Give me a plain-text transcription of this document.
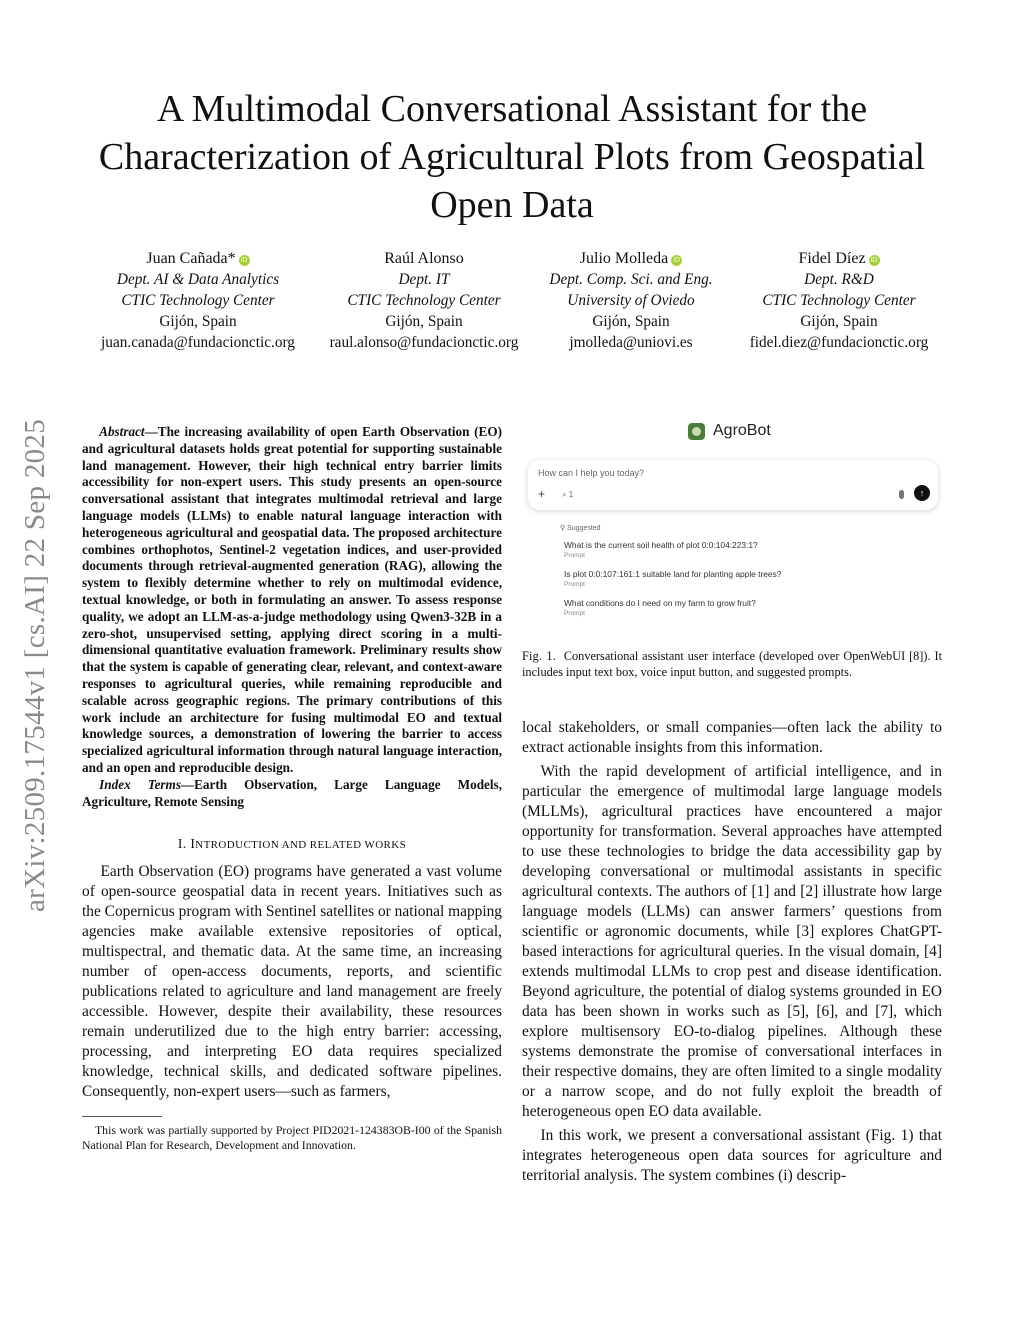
arXiv:2509.17544v1 [cs.AI] 22 Sep 2025
A Multimodal Conversational Assistant for the Characterization of Agricultural Plots from Geospatial Open Data
Juan Cañada* iD
Dept. AI & Data Analytics
CTIC Technology Center
Gijón, Spain
juan.canada@fundacionctic.org
Raúl Alonso
Dept. IT
CTIC Technology Center
Gijón, Spain
raul.alonso@fundacionctic.org
Julio Molleda iD
Dept. Comp. Sci. and Eng.
University of Oviedo
Gijón, Spain
jmolleda@uniovi.es
Fidel Díez iD
Dept. R&D
CTIC Technology Center
Gijón, Spain
fidel.diez@fundacionctic.org

Abstract—The increasing availability of open Earth Observation (EO) and agricultural datasets holds great potential for supporting sustainable land management. However, their high technical entry barrier limits accessibility for non-expert users. This study presents an open-source conversational assistant that integrates multimodal retrieval and large language models (LLMs) to enable natural language interaction with heterogeneous agricultural and geospatial data. The proposed architecture combines orthophotos, Sentinel-2 vegetation indices, and user-provided documents through retrieval-augmented generation (RAG), allowing the system to flexibly determine whether to rely on multimodal evidence, textual knowledge, or both in formulating an answer. To assess response quality, we adopt an LLM-as-a-judge methodology using Qwen3-32B in a zero-shot, unsupervised setting, applying direct scoring in a multi-dimensional quantitative evaluation framework. Preliminary results show that the system is capable of generating clear, relevant, and context-aware responses to agricultural queries, while remaining reproducible and scalable across geographic regions. The primary contributions of this work include an architecture for fusing multimodal EO and textual knowledge sources, a demonstration of lowering the barrier to access specialized agricultural information through natural language interaction, and an open and reproducible design.

Index Terms—Earth Observation, Large Language Models, Agriculture, Remote Sensing

I. INTRODUCTION AND RELATED WORKS

Earth Observation (EO) programs have generated a vast volume of open-source geospatial data in recent years. Initiatives such as the Copernicus program with Sentinel satellites or national mapping agencies make available extensive repositories of optical, multispectral, and thematic data. At the same time, an increasing number of open-access documents, reports, and scientific publications related to agriculture and land management are freely accessible. However, despite their availability, these resources remain underutilized due to the high entry barrier: accessing, processing, and interpreting EO data requires specialized knowledge, technical skills, and dedicated software pipelines. Consequently, non-expert users—such as farmers,

This work was partially supported by Project PID2021-124383OB-I00 of the Spanish National Plan for Research, Development and Innovation.

AgroBot
How can I help you today?
+ ⌕ 1	↑
⚲ Suggested
What is the current soil health of plot 0:0:104:223:1?
Prompt
Is plot 0:0:107:161:1 suitable land for planting apple trees?
Prompt
What conditions do I need on my farm to grow fruit?
Prompt

Fig. 1. Conversational assistant user interface (developed over OpenWebUI [8]). It includes input text box, voice input button, and suggested prompts.

local stakeholders, or small companies—often lack the ability to extract actionable insights from this information.

With the rapid development of artificial intelligence, and in particular the emergence of multimodal large language models (MLLMs), agricultural practices have encountered a major opportunity for transformation. Several approaches have attempted to use these technologies to bridge the data accessibility gap by developing conversational or multimodal assistants in specific agricultural contexts. The authors of [1] and [2] illustrate how large language models (LLMs) can answer farmers’ questions from scientific or agronomic documents, while [3] explores ChatGPT-based interactions for agricultural queries. In the visual domain, [4] extends multimodal LLMs to crop pest and disease identification. Beyond agriculture, the potential of dialog systems grounded in EO data has been shown in works such as [5], [6], and [7], which explore multisensory EO-to-dialog pipelines. Although these systems demonstrate the promise of conversational interfaces in their respective domains, they are often limited to a single modality or a narrow scope, and do not fully exploit the breadth of heterogeneous open EO data available.

In this work, we present a conversational assistant (Fig. 1) that integrates heterogeneous open data sources for agriculture and territorial analysis. The system combines (i) descrip-
